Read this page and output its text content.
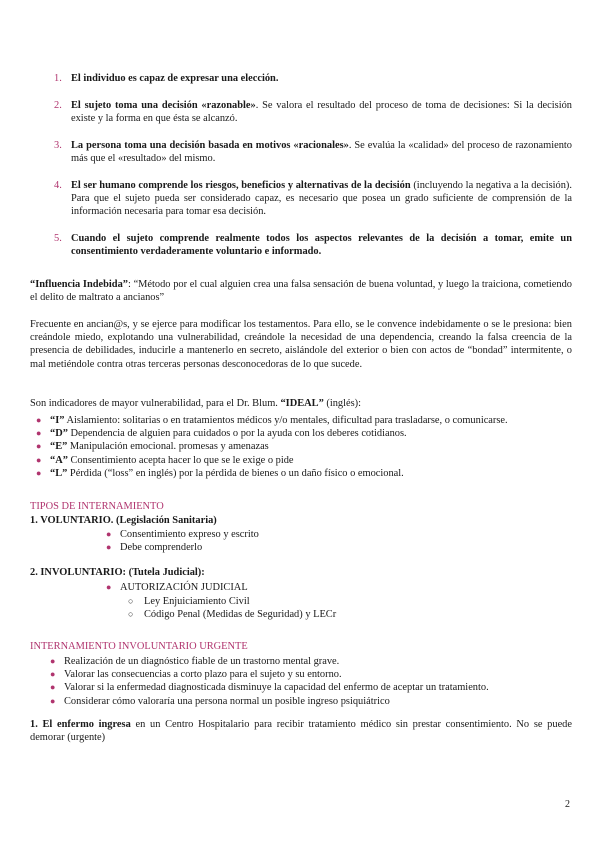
1. El individuo es capaz de expresar una elección.
2. El sujeto toma una decisión «razonable». Se valora el resultado del proceso de toma de decisiones: Si la decisión existe y la forma en que ésta se alcanzó.
3. La persona toma una decisión basada en motivos «racionales». Se evalúa la «calidad» del proceso de razonamiento más que el «resultado» del mismo.
4. El ser humano comprende los riesgos, beneficios y alternativas de la decisión (incluyendo la negativa a la decisión). Para que el sujeto pueda ser considerado capaz, es necesario que posea un grado suficiente de comprensión de la información necesaria para tomar esa decisión.
5. Cuando el sujeto comprende realmente todos los aspectos relevantes de la decisión a tomar, emite un consentimiento verdaderamente voluntario e informado.
“Influencia Indebida”: “Método por el cual alguien crea una falsa sensación de buena voluntad, y luego la traiciona, cometiendo el delito de maltrato a ancianos”
Frecuente en ancian@s, y se ejerce para modificar los testamentos. Para ello, se le convence indebidamente o se le presiona: bien creándole miedo, explotando una vulnerabilidad, creándole la necesidad de una dependencia, creando la falsa creencia de la presencia de debilidades, inducirle a mantenerlo en secreto, aislándole del exterior o bien con actos de “bondad” intermitente, o mal metiéndole contra otras terceras personas desconocedoras de lo que sucede.
Son indicadores de mayor vulnerabilidad, para el Dr. Blum. “IDEAL” (inglés):
● “I” Aislamiento: solitarias o en tratamientos médicos y/o mentales, dificultad para trasladarse, o comunicarse.
● “D” Dependencia de alguien para cuidados o por la ayuda con los deberes cotidianos.
● “E” Manipulación emocional. promesas y amenazas
● “A” Consentimiento acepta hacer lo que se le exige o pide
● “L” Pérdida (“loss” en inglés) por la pérdida de bienes o un daño físico o emocional.
TIPOS DE INTERNAMIENTO
1. VOLUNTARIO. (Legislación Sanitaria)
● Consentimiento expreso y escrito
● Debe comprenderlo
2. INVOLUNTARIO: (Tutela Judicial):
● AUTORIZACIÓN JUDICIAL
○ Ley Enjuiciamiento Civil
○ Código Penal (Medidas de Seguridad) y LECr
INTERNAMIENTO INVOLUNTARIO URGENTE
● Realización de un diagnóstico fiable de un trastorno mental grave.
● Valorar las consecuencias a corto plazo para el sujeto y su entorno.
● Valorar si la enfermedad diagnosticada disminuye la capacidad del enfermo de aceptar un tratamiento.
● Considerar cómo valoraría una persona normal un posible ingreso psiquiátrico
1. El enfermo ingresa en un Centro Hospitalario para recibir tratamiento médico sin prestar consentimiento. No se puede demorar (urgente)
2
